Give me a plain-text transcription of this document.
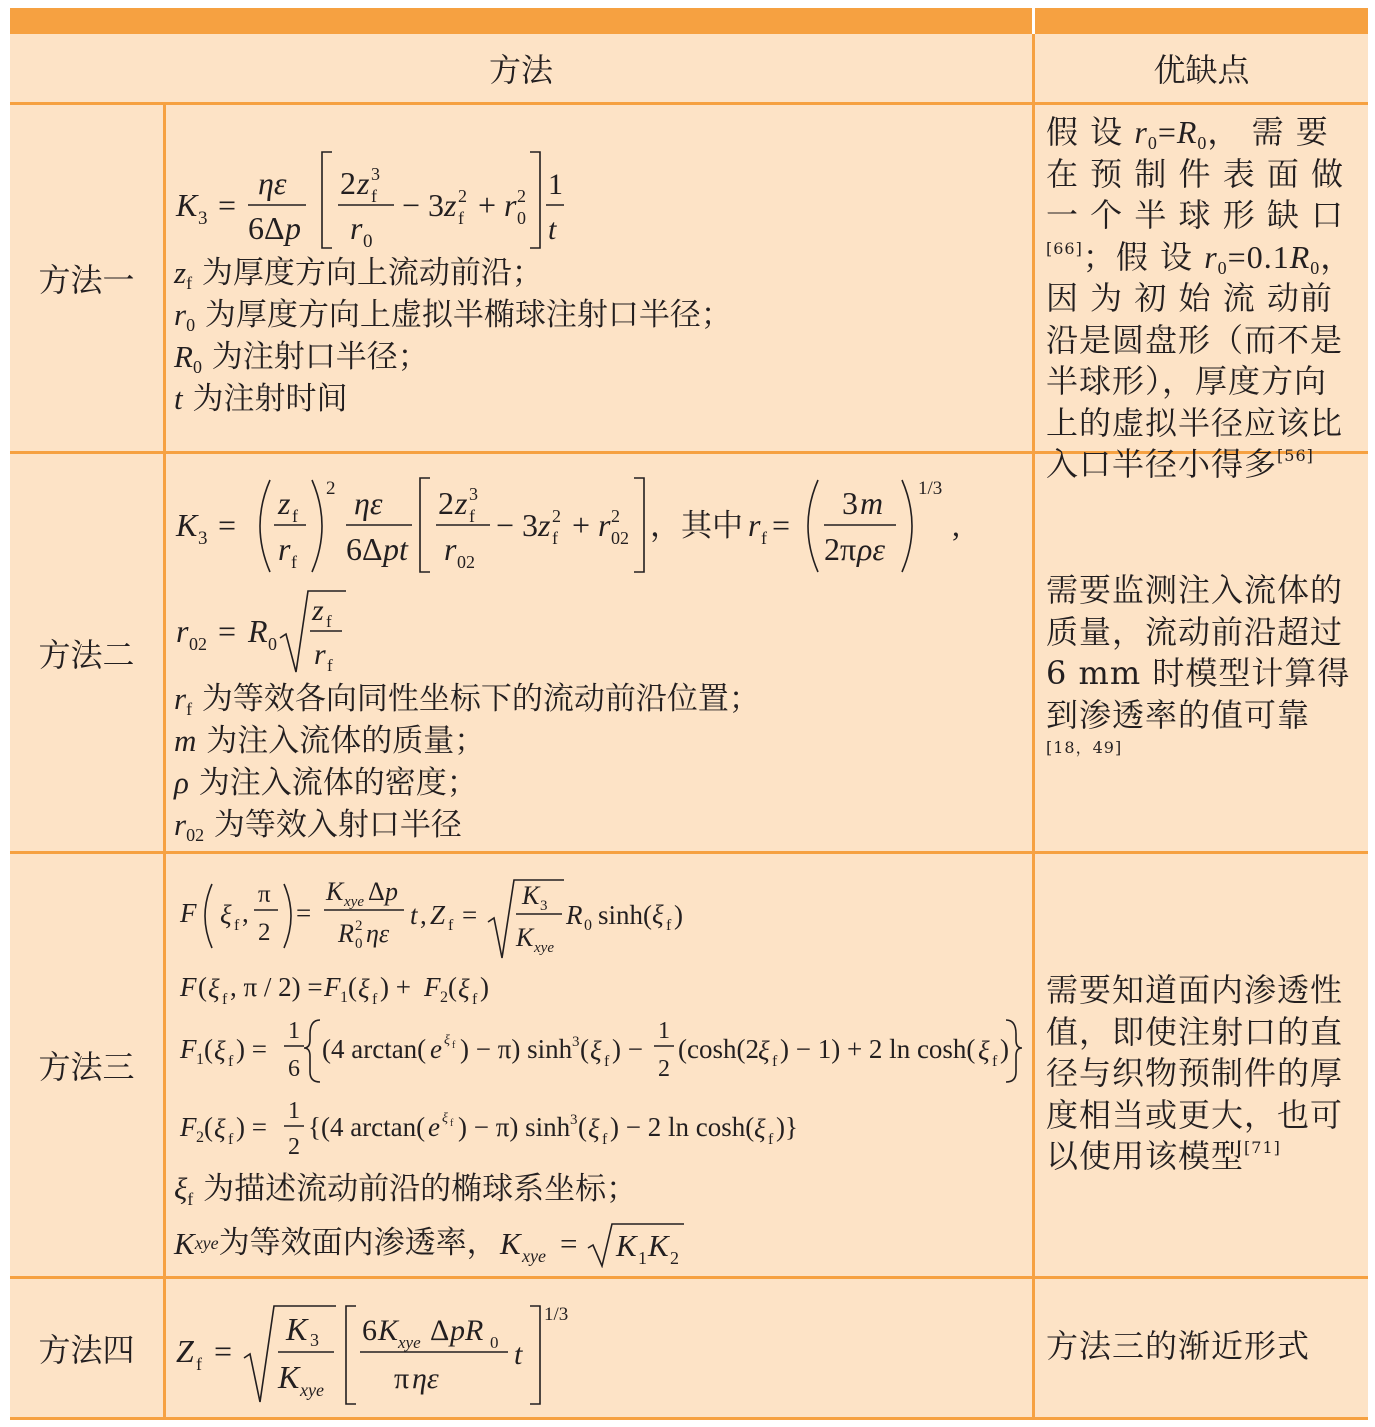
方法	优缺点
方法一
方法二
方法三
方法四
K 3 =
ηε
6Δ p
2 z 3
f
r 0
− 3 z 2
f + r 2
0
1
t
$z_f$ 为厚度方向上流动前沿；
$r_0$ 为厚度方向上虚拟半椭球注射口半径；
$R_0$ 为注射口半径；
t 为注射时间
假 设 $r_0=R_0$， 需 要 在 预 制 件 表 面 做 一 个 半 球 形 缺 口[66]；假 设 $r_0=0.1R_0$，因 为 初 始 流 动前沿是圆盘形（而不是半球形），厚度方向上的虚拟半径应该比入口半径小得多[56]
K 3 =
z f
r f
2 ηε
6Δ pt
2 z 3
f
r 02
− 3 z 2
f + r 2
02 ，其中 r f =
3 m
2π ρε
1/3
,
r 02 = R 0
z f
r f
$r_f$ 为等效各向同性坐标下的流动前沿位置；
m 为注入流体的质量；
ρ 为注入流体的密度；
$r_{02}$ 为等效入射口半径
需要监测注入流体的质量，流动前沿超过 6 mm 时模型计算得到渗透率的值可靠[18，49]
F ξ f ,
π
2
=
K xye Δ p
R 2
0 ηε
t , Z f =
K 3
K xye
R 0 sinh( ξ f )
F ( ξ f , π / 2) = F 1 ( ξ f ) + F 2 ( ξ f )
F 1 ( ξ f ) =
1
6
(4 arctan( e ξ f ) − π) sinh 3 ( ξ f ) −
1
2
(cosh(2 ξ f ) − 1) + 2 ln cosh( ξ f )
F 2 ( ξ f ) =
1
2
{(4 arctan( e ξ f ) − π) sinh 3 ( ξ f ) − 2 ln cosh( ξ f )}
$\xi_f$ 为描述流动前沿的椭球系坐标；
K xye 为等效面内渗透率， K xye = K 1 K 2
需要知道面内渗透性值，即使注射口的直径与织物预制件的厚度相当或更大，也可以使用该模型[71]
Z f =
K 3
K xye
6 K xye Δ pR 0
π ηε
t
1/3
方法三的渐近形式
